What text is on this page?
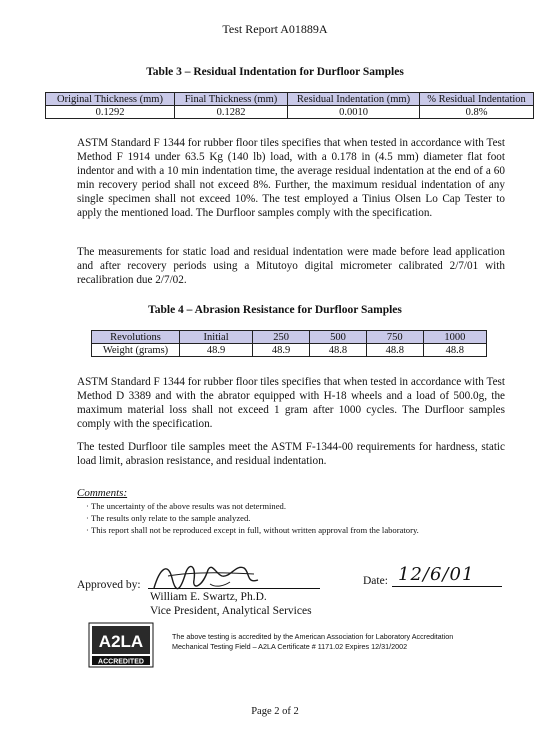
Test Report A01889A
Table 3 – Residual Indentation for Durfloor Samples
Original Thickness (mm)	Final Thickness (mm)	Residual Indentation (mm)	% Residual Indentation
0.1292	0.1282	0.0010	0.8%

ASTM Standard F 1344 for rubber floor tiles specifies that when tested in accordance with Test Method F 1914 under 63.5 Kg (140 lb) load, with a 0.178 in (4.5 mm) diameter flat foot indentor and with a 10 min indentation time, the average residual indentation at the end of a 60 min recovery period shall not exceed 8%. Further, the maximum residual indentation of any single specimen shall not exceed 10%. The test employed a Tinius Olsen Lo Cap Tester to apply the mentioned load. The Durfloor samples comply with the specification.

The measurements for static load and residual indentation were made before lead application and after recovery periods using a Mitutoyo digital micrometer calibrated 2/7/01 with recalibration due 2/7/02.

Table 4 – Abrasion Resistance for Durfloor Samples
Revolutions	Initial	250	500	750	1000
Weight (grams)	48.9	48.9	48.8	48.8	48.8

ASTM Standard F 1344 for rubber floor tiles specifies that when tested in accordance with Test Method D 3389 and with the abrator equipped with H-18 wheels and a load of 500.0g, the maximum material loss shall not exceed 1 gram after 1000 cycles. The Durfloor samples comply with the specification.

The tested Durfloor tile samples meet the ASTM F-1344-00 requirements for hardness, static load limit, abrasion resistance, and residual indentation.

Comments:
· The uncertainty of the above results was not determined.
· The results only relate to the sample analyzed.
· This report shall not be reproduced except in full, without written approval from the laboratory.
Approved by:
William E. Swartz, Ph.D.
Vice President, Analytical Services
Date: 12/6/01
A2LA
ACCREDITED
The above testing is accredited by the American Association for Laboratory Accreditation
Mechanical Testing Field – A2LA Certificate # 1171.02 Expires 12/31/2002
Page 2 of 2
